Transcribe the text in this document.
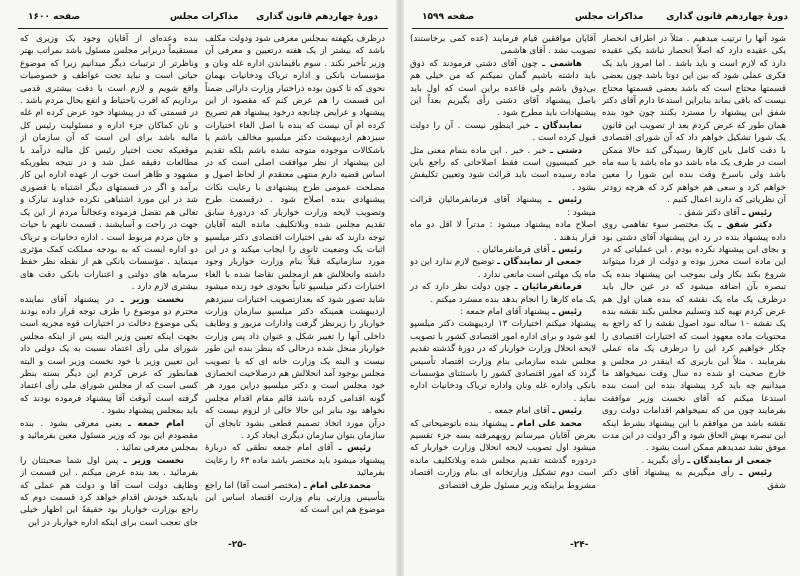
دورهٔ چهاردهم قانون گذاری
مذاکرات مجلس
صفحه ۱۶۰۰

درظرف یکهفته بمجلس معرفی شود ودولت مکلف باشد که بیشتر از یک هفته درتعیین و معرفی آن وزیر تأخیر نکند . سوم باقیماندن اداره غله ونان و مؤسسات بانکی و اداره تریاک ودخانیات بهمان نحوی که تا کنون بوده دراختیار وزارت دارائی ضمناً این قسمت را هم عرض کنم که مقصود از این پیشنهاد و عرایض چنانچه درخود پیشنهاد هم تصریح کرده ام آن نیست که بنده با اصل الغاء اختیارات سیزدهم اردیبهشت دکتر میلسپو مخالف باشم یا باشکالات موجوده متوجه نشده باشم بلکه تقدیم این پیشنهاد از نظر موافقت اصلی است که در اساس قضیه دارم منتهی معتقدم از لحاظ اصول و مصلحت عمومی طرح پیشنهادی با رعایت نکات پیشنهادی بنده اصلاح شود . درقسمت طرح وتصویب لایحه وزارت خواربار که دردورهٔ سابق تقدیم مجلس شده وبلاتکلیف مانده البته آقایان توجه دارند که نفی اختیارات اقتصادی دکتر میلسپو اثبات یک وضعیت ثانوی را ایجاب میکند و در این مورد سازمانیکه قبلاً بنام وزارت خواربار وجود داشته وانحلالش هم ازمجلس تقاضا شده با الغاء اختیارات دکتر میلسپو ثانیاً بخودی خود زنده میشود شاید تصور شود که بعدازتصویب اختیارات سیزدهم اردیبهشت همینکه دکتر میلسپو سازمان وزارت خواربار را زیرنظر گرفت وادارات مزبور و وظایف داخلی آنها را تغییر شکل و عنوان داد پس وزارت خواربار منحل شده درحالی که بنظر بنده این طور نیست و البته یک وزارت خانه ای که با تصویب مجلس بوجود آمد انحلالش هم درصلاحیت انحصاری خود مجلس است و دکتر میلسپو دراین مورد هر گونه اقدامی کرده باشد قائم مقام اقدام مجلس نخواهد بود بنابر این حالا خالی از لزوم نیست که درآن مورد اتخاذ تصمیم قطعی بشود تابجای آن سازمان بتوان سازمان دیگری ایجاد کرد .

رئیس ـ آقای امام جمعه نطقی که دربارهٔ پیشنهاد میشود باید مختصر باشد ماده ۶۳ را رعایت بفرمائید

محمدعلی امام ـ (مختصر است آقا) اما راجع بتأسیس وزارتی بنام وزارت اقتصاد اساس این موضوع هم این است که

بنده وعده‌ای از آقایان وجود یک وزیری که مستقیماً دربرابر مجلس مسئول باشد بمراتب بهتر وناظرتر از ترتیبات دیگر میدانیم زیرا که موضوع حیاتی است و نباید تحت عواطف و خصوصیات واقع شویم و لازم است با دقت بیشتری قدمی برداریم که اقرب باحتیاط و انفع بحال مردم باشد . در قسمتی که در پیشنهاد خود عرض کرده ام غله و نان کماکان جزء اداره و مسئولیت رئیس کل مالیه باشد برای این است که آن سازمان از موقعیکه تحت اختیار رئیس کل مالیه درآمد با مطالعات دقیقه عمل شد و در نتیجه بطوریکه مشهود و ظاهر است خوب از عهده اداره این کار برآمد و اگر در قسمتهای دیگر اشتباه یا قصوری شد در این مورد اشتباهی نکرده خداوند تبارک و تعالی هم تفضل فرموده وعجالتاً مردم از این یک جهت در راحت و آسایشند . قسمت نانهم با حیات و جان مردم مربوط است . اداره دخانیات و تریاک دو اداره ایست که به بودجه مملکت کمک مؤثری مینماید . مؤسسات بانکی هم از نقطه نظر حفظ سرمایه های دولتی و اعتبارات بانکی دقت های بیشتری لازم دارد .

نخست وزیر ـ در پیشنهاد آقای نماینده محترم دو موضوع را طرف توجه قرار داده بودند یکی موضوع دخالت در اختیارات قوه مجریه است بجهت اینکه تعیین وزیر البته پس از اینکه مجلس شورای ملی رأی اعتماد نسبت به یک دولتی داد این تعیین وزیر با خود نخست وزیر است و البته همانطور که عرض کردم این دیگر بسته بنظر کسی است که از مجلس شورای ملی رأی اعتماد گرفته است آنوقت آقا پیشنهاد فرموده بودند که باید بمجلس پیشنهاد بشود .

امام جمعه ـ یعنی معرفی بشود . بنده مقصودم این بود که وزیر مسئول معین بفرمائید و بمجلس معرفی نمائید .

نخست وزیر ـ پس اول شما صحبتتان را بفرمائید . بعد بنده عرض میکنم . این قسمت از وظایف دولت است آقا و دولت هم عملی که بایدبکند خودش اقدام خواهد کرد قسمت دوم که راجع بوزارت خواربار بود حقیقةً این اظهار خیلی جای تعجب است برای اینکه اداره خواربار در این

-۲۵-
دورهٔ چهاردهم قانون گذاری
مذاکرات مجلس
صفحه ۱۵۹۹

شود آنها را ترتیب میدهیم . مثلاً در اطراف انحصار یکی عقیده دارد که اصلاً انحصار نباشد یکی عقیده دارد که لازم است و باید باشد . اما امروز باید یک فکری عملی شود که بین این دوتا باشد چون بعضی قسمتها محتاج است که باشد بعضی قسمتها محتاج نیست که باقی بماند بنابراین استدعا دارم آقای دکتر شفق این پیشنهاد را مسترد بکنند چون خود بنده همان طور که عرض کردم بعد از تصویب این قانون یک شورا تشکیل خواهم داد که آن شورای اقتصادی با دقت کامل باین کارها رسیدگی کند حالا ممکن است در ظرف یک ماه باشد دو ماه باشد یا سه ماه باشد ولی باسرع وقت بنده این شورا را معین خواهم کرد و سعی هم خواهم کرد که هرچه زودتر آن نظریاتی که دارند اعمال کنیم .

رئیس ـ آقای دکتر شفق .

دکتر شفق ـ یک مختصر سوء تفاهمی روی داده پیشنهاد بنده در رد این پیشنهاد آقای دشتی بود و بجای این پیشنهاد نکرده بودم . این عملیاتی که در این ماده است محرز بوده و دولت از فردا میتواند شروع بکند بکار ولی بموجب این پیشنهاد بنده یک تبصره بآن اضافه میشود که در عین حال باید درظرف یک ماه یک نقشه که بنده همان اول هم عرض کردم تهیه کند وتسلیم مجلس بکند نقشه بنده یک نقشه ۱۰ ساله نبود اصول نقشه را که راجع به محتویات ماده معهود است که اختیارات اقتصادی را چکار خواهیم کرد این را درظرف یک ماه عملی بفرمایند . مثلاً این باربری که اینقدر در مجلس و خارج صحبت او شده ده سال وقت نمیخواهد ما میدانیم چه باید کرد پیشنهاد بنده این است بنده استدعا میکنم که آقای نخست وزیر موافقت بفرمایند چون من که نمیخواهم اقدامات دولت روی نقشه باشد من موافقم با این پیشنهاد بشرط اینکه این تبصره بهش الحاق شود و اگر دولت در این مدت موفق نشد تمدیدهم ممکن است بشود .

جمعی از نمایندگان ـ رأی بگیرید .

رئیس ـ رأی میگیریم به پیشنهاد آقای دکتر شفق

آقایان موافقین قیام فرمایند (عده کمی برخاستند) تصویب نشد . آقای هاشمی

هاشمی ـ چون آقای دشتی فرمودند که ذوق باید داشته باشیم گمان نمیکنم که من خیلی هم بی‌ذوق باشم ولی قاعده براین است که اول باید باصل پیشنهاد آقای دشتی رأی بگیریم بعداً این پیشنهادات باید مطرح شود .

نمایندگان ـ خیر اینطور نیست . آن را دولت قبول کرده است .

دشتی ـ خیر . خیر . این ماده بتمام معنی مثل خیر کمیسیون است فقط اصلاحاتی که راجع باین ماده رسیده است باید قرائت شود وتعیین تکلیفش بشود .

رئیس ـ پیشنهاد آقای فرمانفرمائیان قرائت میشود :

اصلاح ماده پیشنهاد میشود : مدتراً لا اقل دو ماه قرار بدهند .

رئیس ـ آقای فرمانفرمائیان .

جمعی از نمایندگان ـ توضیح لازم ندارد این دو ماه یک مهلتی است مانعی ندارد .

فرمانفرمائیان ـ چون دولت نظر دارد که در یک ماه کارها را انجام بدهد بنده مسترد میکنم .

رئیس ـ پیشنهاد آقای امام جمعه :

پیشنهاد میکنم اختیارات ۱۳ اردیبهشت دکتر میلسپو لغو شود و برای اداره امور اقتصادی کشور با تصویب لایحه انحلال وزارت خواربار که در دورهٔ گذشته تقدیم مجلس شده سازمانی بنام وزارت اقتصاد تأسیس گردد که امور اقتصادی کشور را باستثنای مؤسسات بانکی واداره غله ونان واداره تریاک ودخانیات اداره نماید .

رئیس ـ آقای امام جمعه .

محمد علی امام ـ پیشنهاد بنده باتوضیحاتی که بعرض آقایان میرسانم روبهمرفته بسه جزء تقسیم میشود اول تصویب لایحه انحلال وزارت خواربار که دردوره گذشته تقدیم مجلس شده وبلاتکلیف مانده است دوم تشکیل وزارتخانه ای بنام وزارت اقتصاد مشروط براینکه وزیر مسئول طرف اقتصادی

-۲۴-
